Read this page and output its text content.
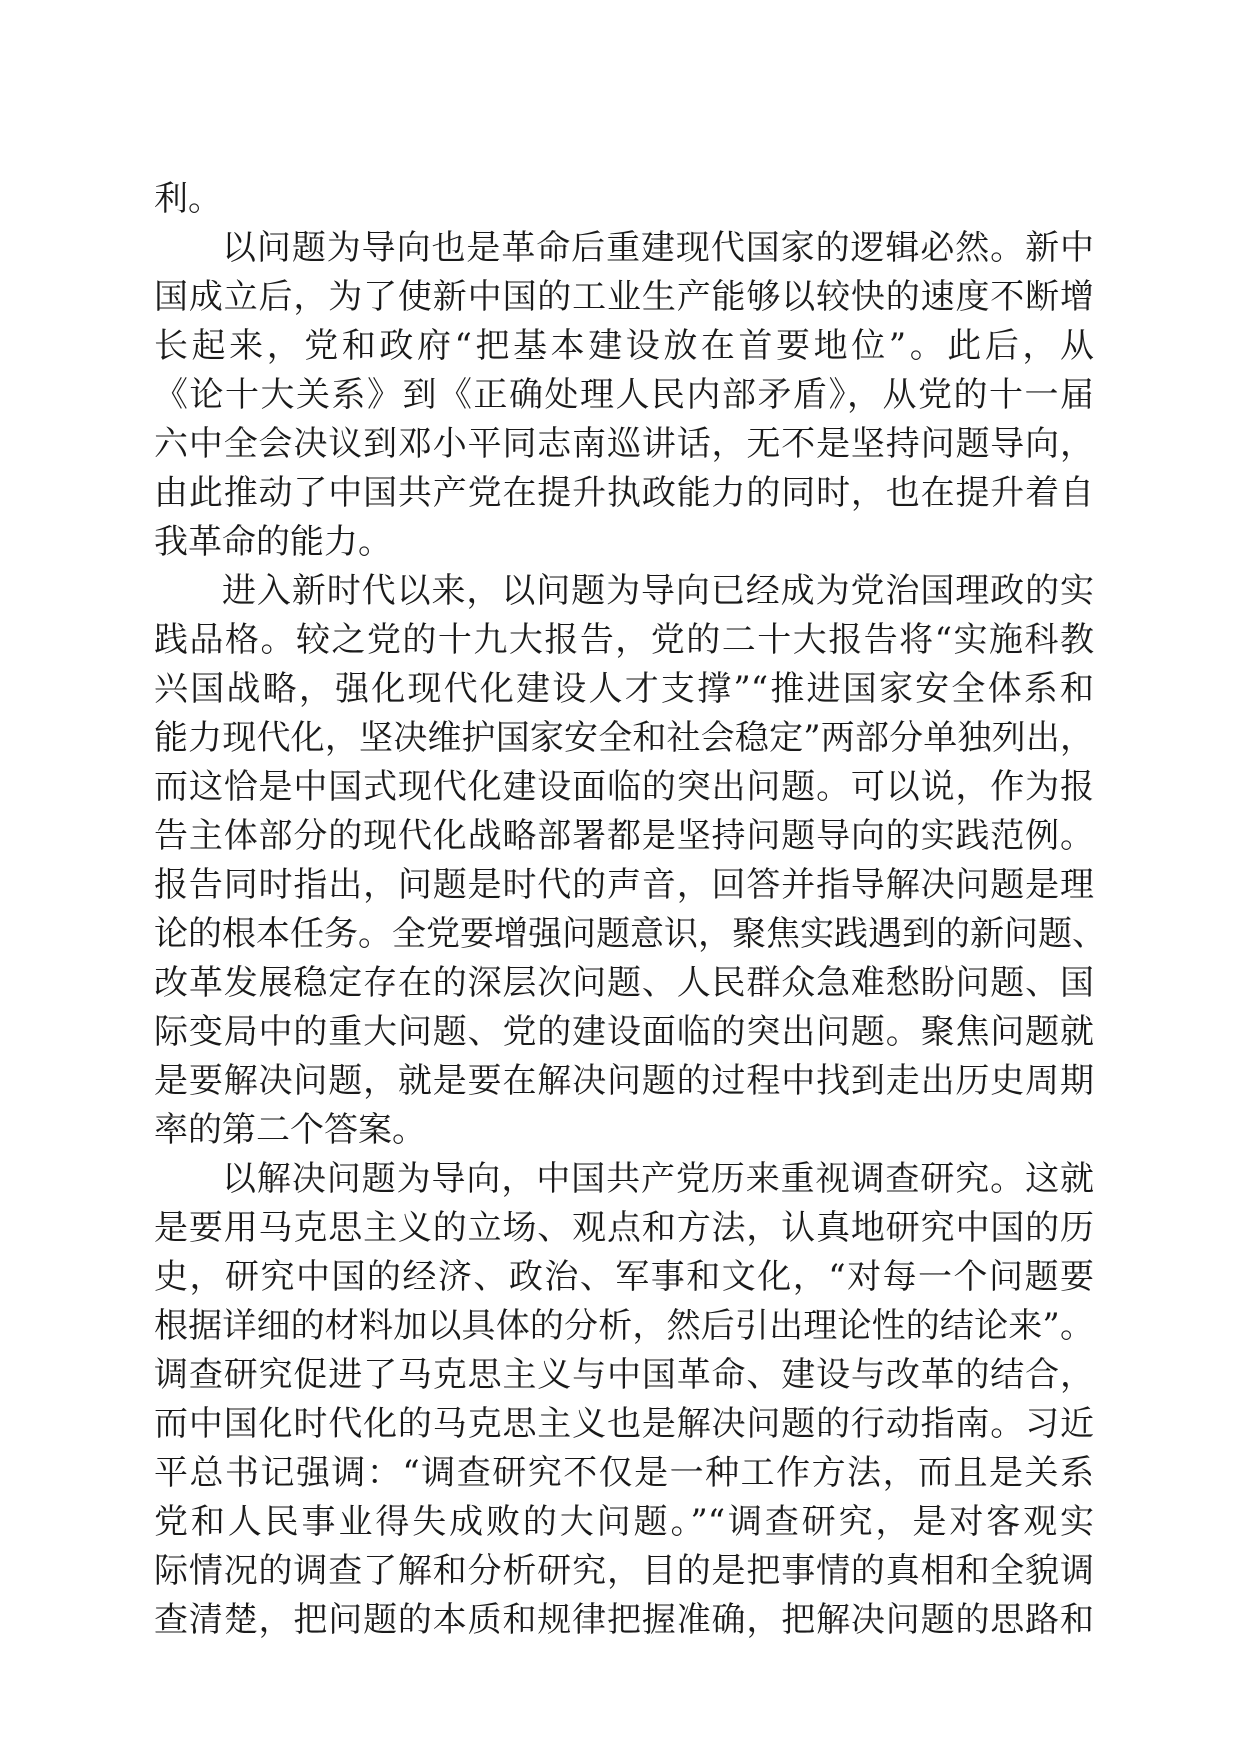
利。
以问题为导向也是革命后重建现代国家的逻辑必然。新中
国成立后，为了使新中国的工业生产能够以较快的速度不断增
长起来，党和政府“把基本建设放在首要地位”。此后，从
《论十大关系》到《正确处理人民内部矛盾》，从党的十一届
六中全会决议到邓小平同志南巡讲话，无不是坚持问题导向，
由此推动了中国共产党在提升执政能力的同时，也在提升着自
我革命的能力。
进入新时代以来，以问题为导向已经成为党治国理政的实
践品格。较之党的十九大报告，党的二十大报告将“实施科教
兴国战略，强化现代化建设人才支撑”“推进国家安全体系和
能力现代化，坚决维护国家安全和社会稳定”两部分单独列出，
而这恰是中国式现代化建设面临的突出问题。可以说，作为报
告主体部分的现代化战略部署都是坚持问题导向的实践范例。
报告同时指出，问题是时代的声音，回答并指导解决问题是理
论的根本任务。全党要增强问题意识，聚焦实践遇到的新问题、
改革发展稳定存在的深层次问题、人民群众急难愁盼问题、国
际变局中的重大问题、党的建设面临的突出问题。聚焦问题就
是要解决问题，就是要在解决问题的过程中找到走出历史周期
率的第二个答案。
以解决问题为导向，中国共产党历来重视调查研究。这就
是要用马克思主义的立场、观点和方法，认真地研究中国的历
史，研究中国的经济、政治、军事和文化，“对每一个问题要
根据详细的材料加以具体的分析，然后引出理论性的结论来”。
调查研究促进了马克思主义与中国革命、建设与改革的结合，
而中国化时代化的马克思主义也是解决问题的行动指南。习近
平总书记强调：“调查研究不仅是一种工作方法，而且是关系
党和人民事业得失成败的大问题。”“调查研究，是对客观实
际情况的调查了解和分析研究，目的是把事情的真相和全貌调
查清楚，把问题的本质和规律把握准确，把解决问题的思路和
